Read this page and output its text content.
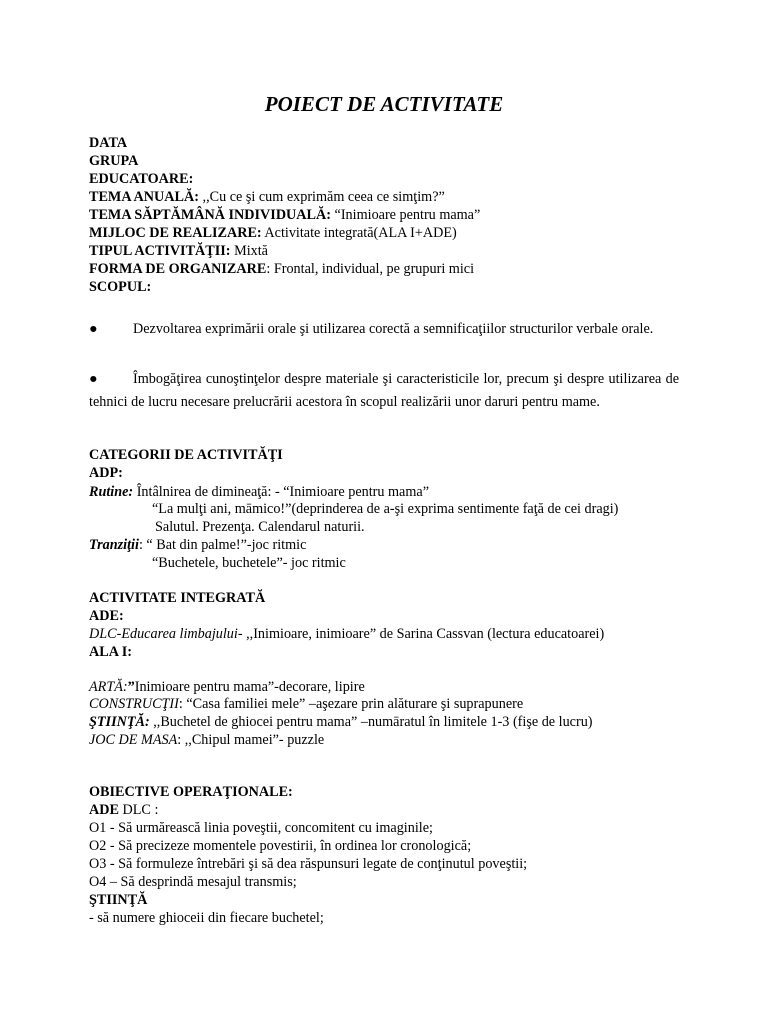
POIECT DE ACTIVITATE
DATA
GRUPA
EDUCATOARE:
TEMA ANUALĂ: ,,Cu ce şi cum exprimăm ceea ce simţim?”
TEMA SĂPTĂMÂNĂ INDIVIDUALĂ: “Inimioare pentru mama”
MIJLOC DE REALIZARE: Activitate integrată(ALA I+ADE)
TIPUL ACTIVITĂŢII: Mixtă
FORMA DE ORGANIZARE: Frontal, individual, pe grupuri mici
SCOPUL:
● Dezvoltarea exprimării orale şi utilizarea corectă a semnificaţiilor structurilor verbale orale.
● Îmbogăţirea cunoştinţelor despre materiale şi caracteristicile lor, precum şi despre utilizarea de tehnici de lucru necesare prelucrării acestora în scopul realizării unor daruri pentru mame.
CATEGORII DE ACTIVITĂŢI
ADP:
Rutine: Întâlnirea de dimineaţă: - “Inimioare pentru mama”
“La mulţi ani, māmico!”(deprinderea de a-şi exprima sentimente faţă de cei dragi)
Salutul. Prezenţa. Calendarul naturii.
Tranziţii: “ Bat din palme!”-joc ritmic
“Buchetele, buchetele”- joc ritmic
ACTIVITATE INTEGRATĂ
ADE:
DLC-Educarea limbajului- ,,Inimioare, inimioare” de Sarina Cassvan (lectura educatoarei)
ALA I:
ARTĂ:”Inimioare pentru mama”-decorare, lipire
CONSTRUCŢII: “Casa familiei mele” –aşezare prin alăturare şi suprapunere
ŞTIINŢĂ: ,,Buchetel de ghiocei pentru mama” –numāratul în limitele 1-3 (fişe de lucru)
JOC DE MASA: ,,Chipul mamei”- puzzle
OBIECTIVE OPERAŢIONALE:
ADE DLC :
O1 - Să urmărească linia poveştii, concomitent cu imaginile;
O2 - Să precizeze momentele povestirii, în ordinea lor cronologică;
O3 - Să formuleze întrebări şi să dea răspunsuri legate de conţinutul poveştii;
O4 – Să desprindă mesajul transmis;
ŞTIINŢĂ
- să numere ghioceii din fiecare buchetel;
